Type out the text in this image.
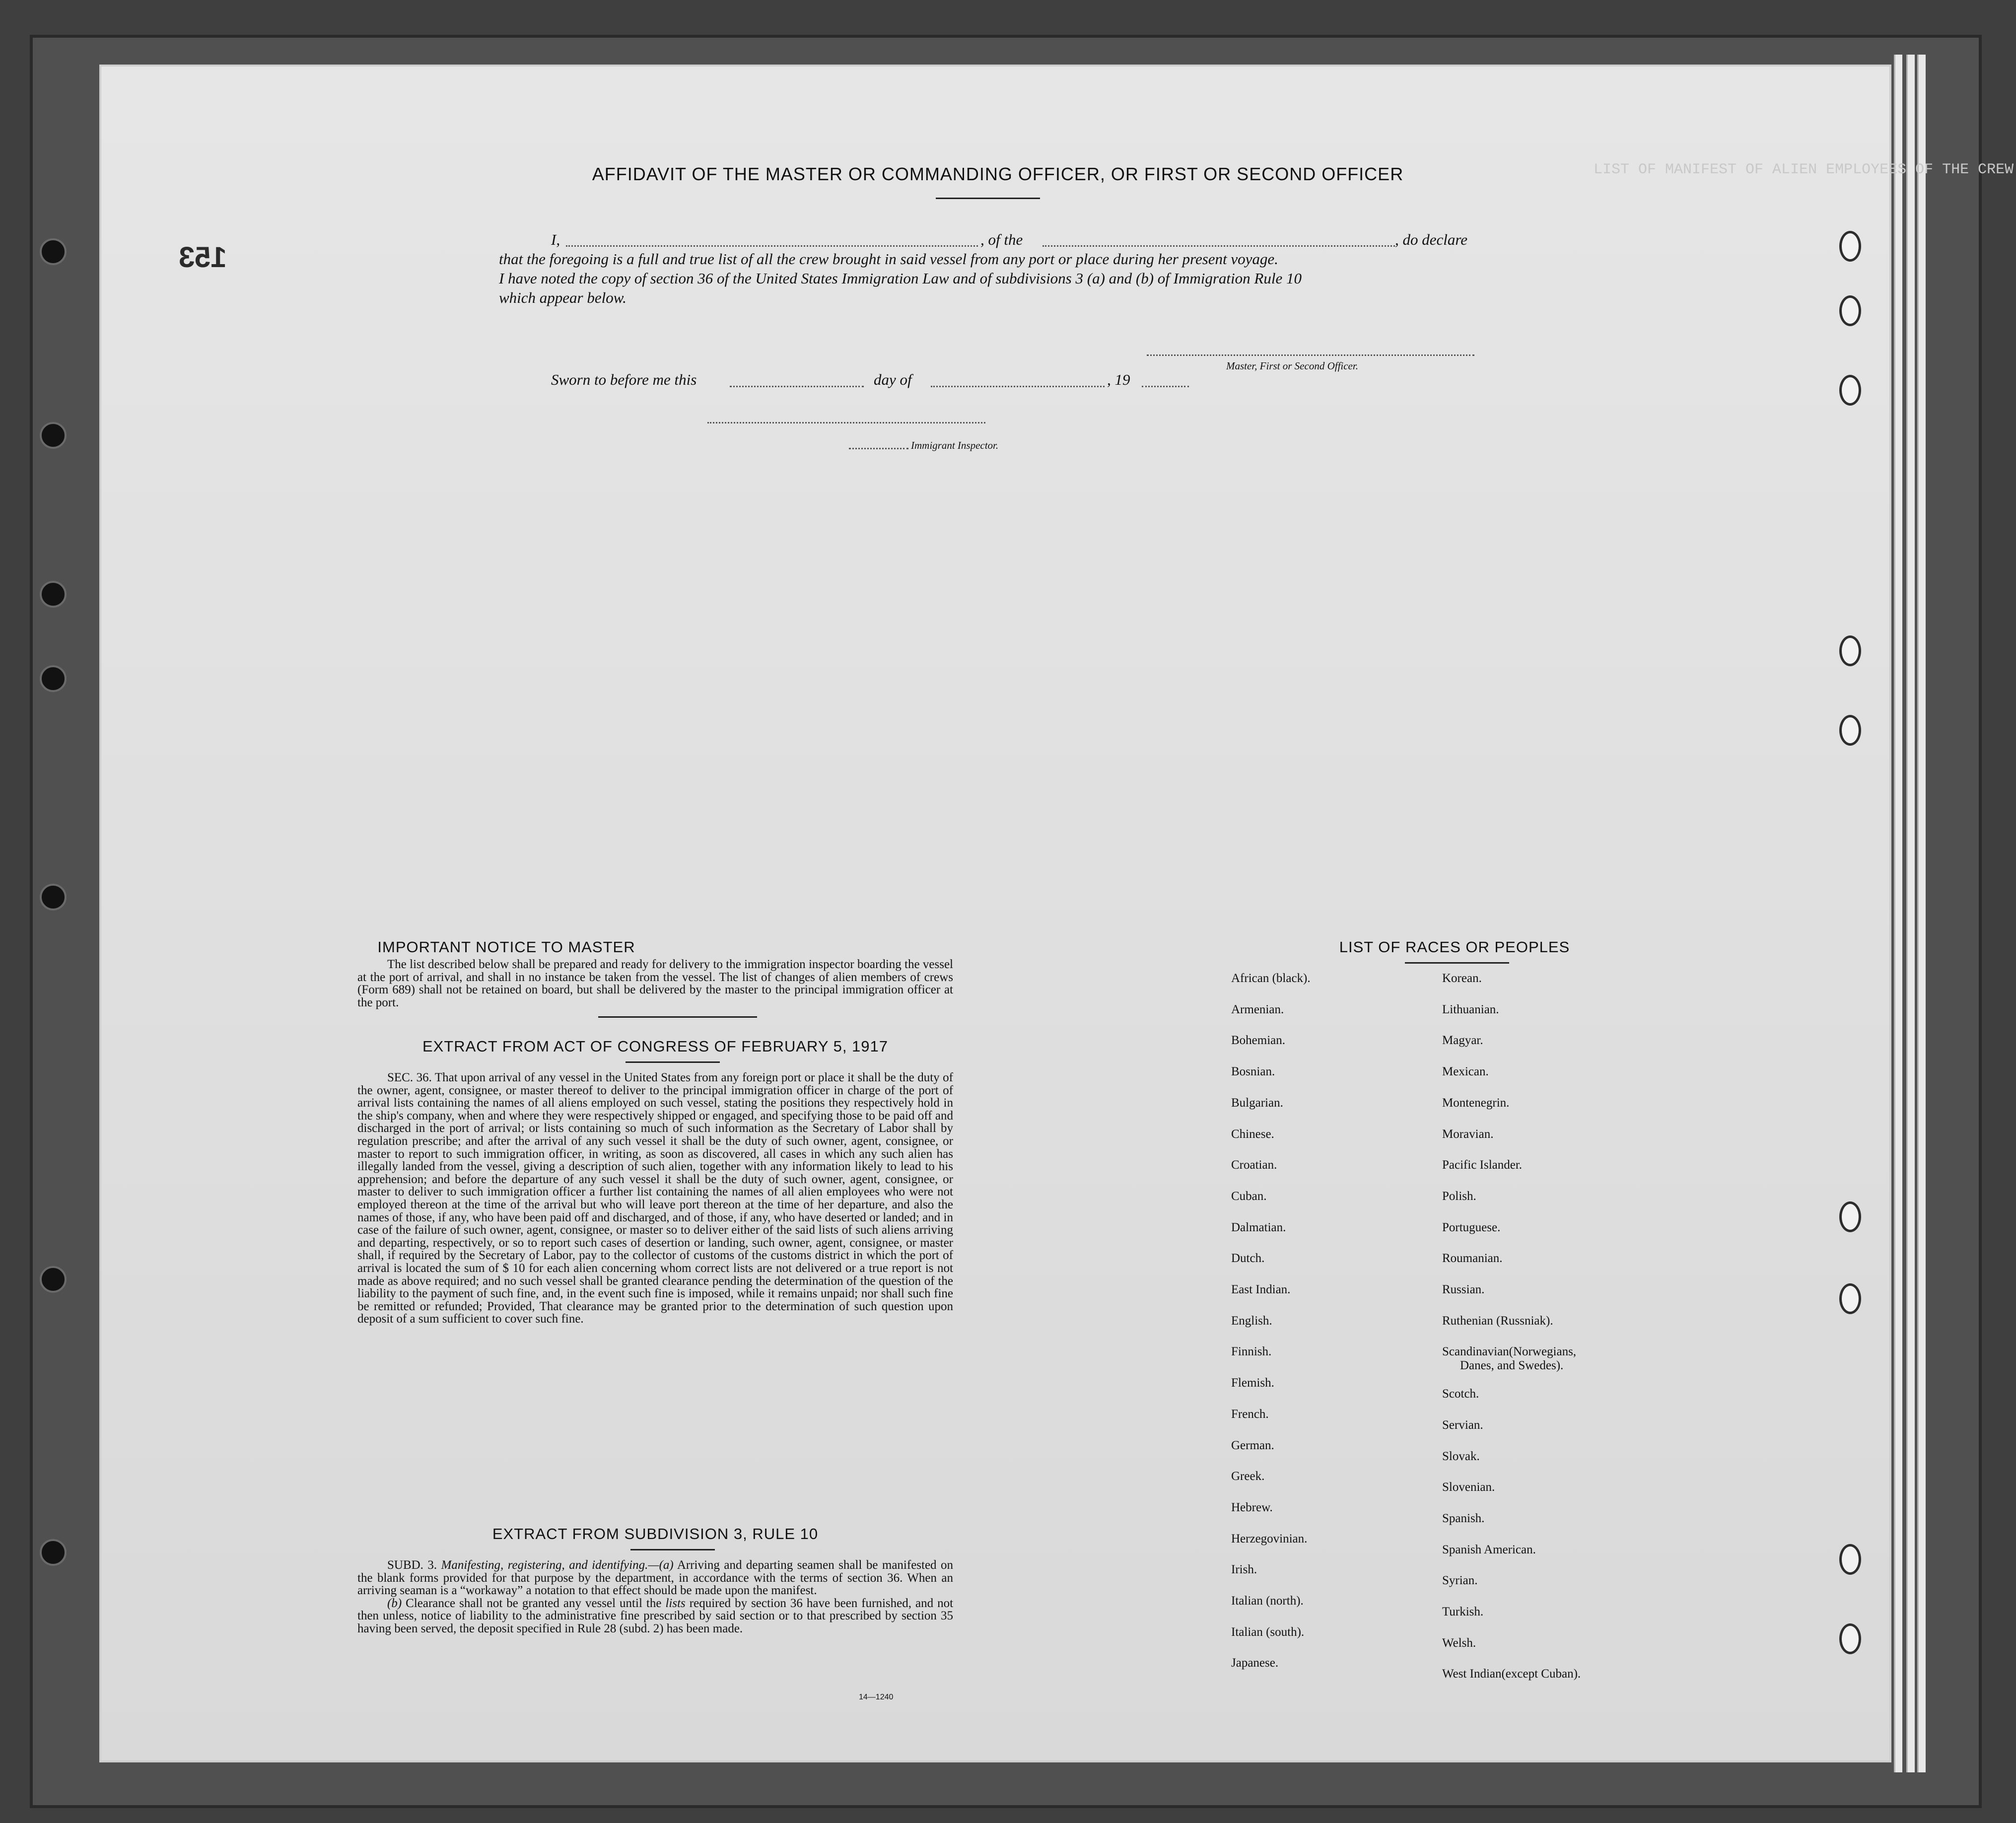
153
LIST OF MANIFEST OF ALIEN EMPLOYEES OF THE CREW
AFFIDAVIT OF THE MASTER OR COMMANDING OFFICER, OR FIRST OR SECOND OFFICER
I,	, of the	, do declare
that the foregoing is a full and true list of all the crew brought in said vessel from any port or place during her present voyage.
I have noted the copy of section 36 of the United States Immigration Law and of subdivisions 3 (a) and (b) of Immigration Rule 10
which appear below.
Master, First or Second Officer.
Sworn to before me this	day of	, 19
Immigrant Inspector.
IMPORTANT NOTICE TO MASTER

The list described below shall be prepared and ready for delivery to the immigration inspector boarding the vessel at the port of arrival, and shall in no instance be taken from the vessel. The list of changes of alien members of crews (Form 689) shall not be retained on board, but shall be delivered by the master to the principal immigration officer at the port.

EXTRACT FROM ACT OF CONGRESS OF FEBRUARY 5, 1917

SEC. 36. That upon arrival of any vessel in the United States from any foreign port or place it shall be the duty of the owner, agent, consignee, or master thereof to deliver to the principal immigration officer in charge of the port of arrival lists containing the names of all aliens employed on such vessel, stating the positions they respectively hold in the ship's company, when and where they were respectively shipped or engaged, and specifying those to be paid off and discharged in the port of arrival; or lists containing so much of such information as the Secretary of Labor shall by regulation prescribe; and after the arrival of any such vessel it shall be the duty of such owner, agent, consignee, or master to report to such immigration officer, in writing, as soon as discovered, all cases in which any such alien has illegally landed from the vessel, giving a description of such alien, together with any information likely to lead to his apprehension; and before the departure of any such vessel it shall be the duty of such owner, agent, consignee, or master to deliver to such immigration officer a further list containing the names of all alien employees who were not employed thereon at the time of the arrival but who will leave port thereon at the time of her departure, and also the names of those, if any, who have been paid off and discharged, and of those, if any, who have deserted or landed; and in case of the failure of such owner, agent, consignee, or master so to deliver either of the said lists of such aliens arriving and departing, respectively, or so to report such cases of desertion or landing, such owner, agent, consignee, or master shall, if required by the Secretary of Labor, pay to the collector of customs of the customs district in which the port of arrival is located the sum of $ 10 for each alien concerning whom correct lists are not delivered or a true report is not made as above required; and no such vessel shall be granted clearance pending the determination of the question of the liability to the payment of such fine, and, in the event such fine is imposed, while it remains unpaid; nor shall such fine be remitted or refunded; Provided, That clearance may be granted prior to the determination of such question upon deposit of a sum sufficient to cover such fine.

EXTRACT FROM SUBDIVISION 3, RULE 10

SUBD. 3. Manifesting, registering, and identifying.—(a) Arriving and departing seamen shall be manifested on the blank forms provided for that purpose by the department, in accordance with the terms of section 36. When an arriving seaman is a “workaway” a notation to that effect should be made upon the manifest.

(b) Clearance shall not be granted any vessel until the lists required by section 36 have been furnished, and not then unless, notice of liability to the administrative fine prescribed by said section or to that prescribed by section 35 having been served, the deposit specified in Rule 28 (subd. 2) has been made.

14—1240
LIST OF RACES OR PEOPLES
African (black).
Armenian.
Bohemian.
Bosnian.
Bulgarian.
Chinese.
Croatian.
Cuban.
Dalmatian.
Dutch.
East Indian.
English.
Finnish.
Flemish.
French.
German.
Greek.
Hebrew.
Herzegovinian.
Irish.
Italian (north).
Italian (south).
Japanese.
Korean.
Lithuanian.
Magyar.
Mexican.
Montenegrin.
Moravian.
Pacific Islander.
Polish.
Portuguese.
Roumanian.
Russian.
Ruthenian (Russniak).
Scandinavian(Norwegians,
Danes, and Swedes).
Scotch.
Servian.
Slovak.
Slovenian.
Spanish.
Spanish American.
Syrian.
Turkish.
Welsh.
West Indian(except Cuban).
